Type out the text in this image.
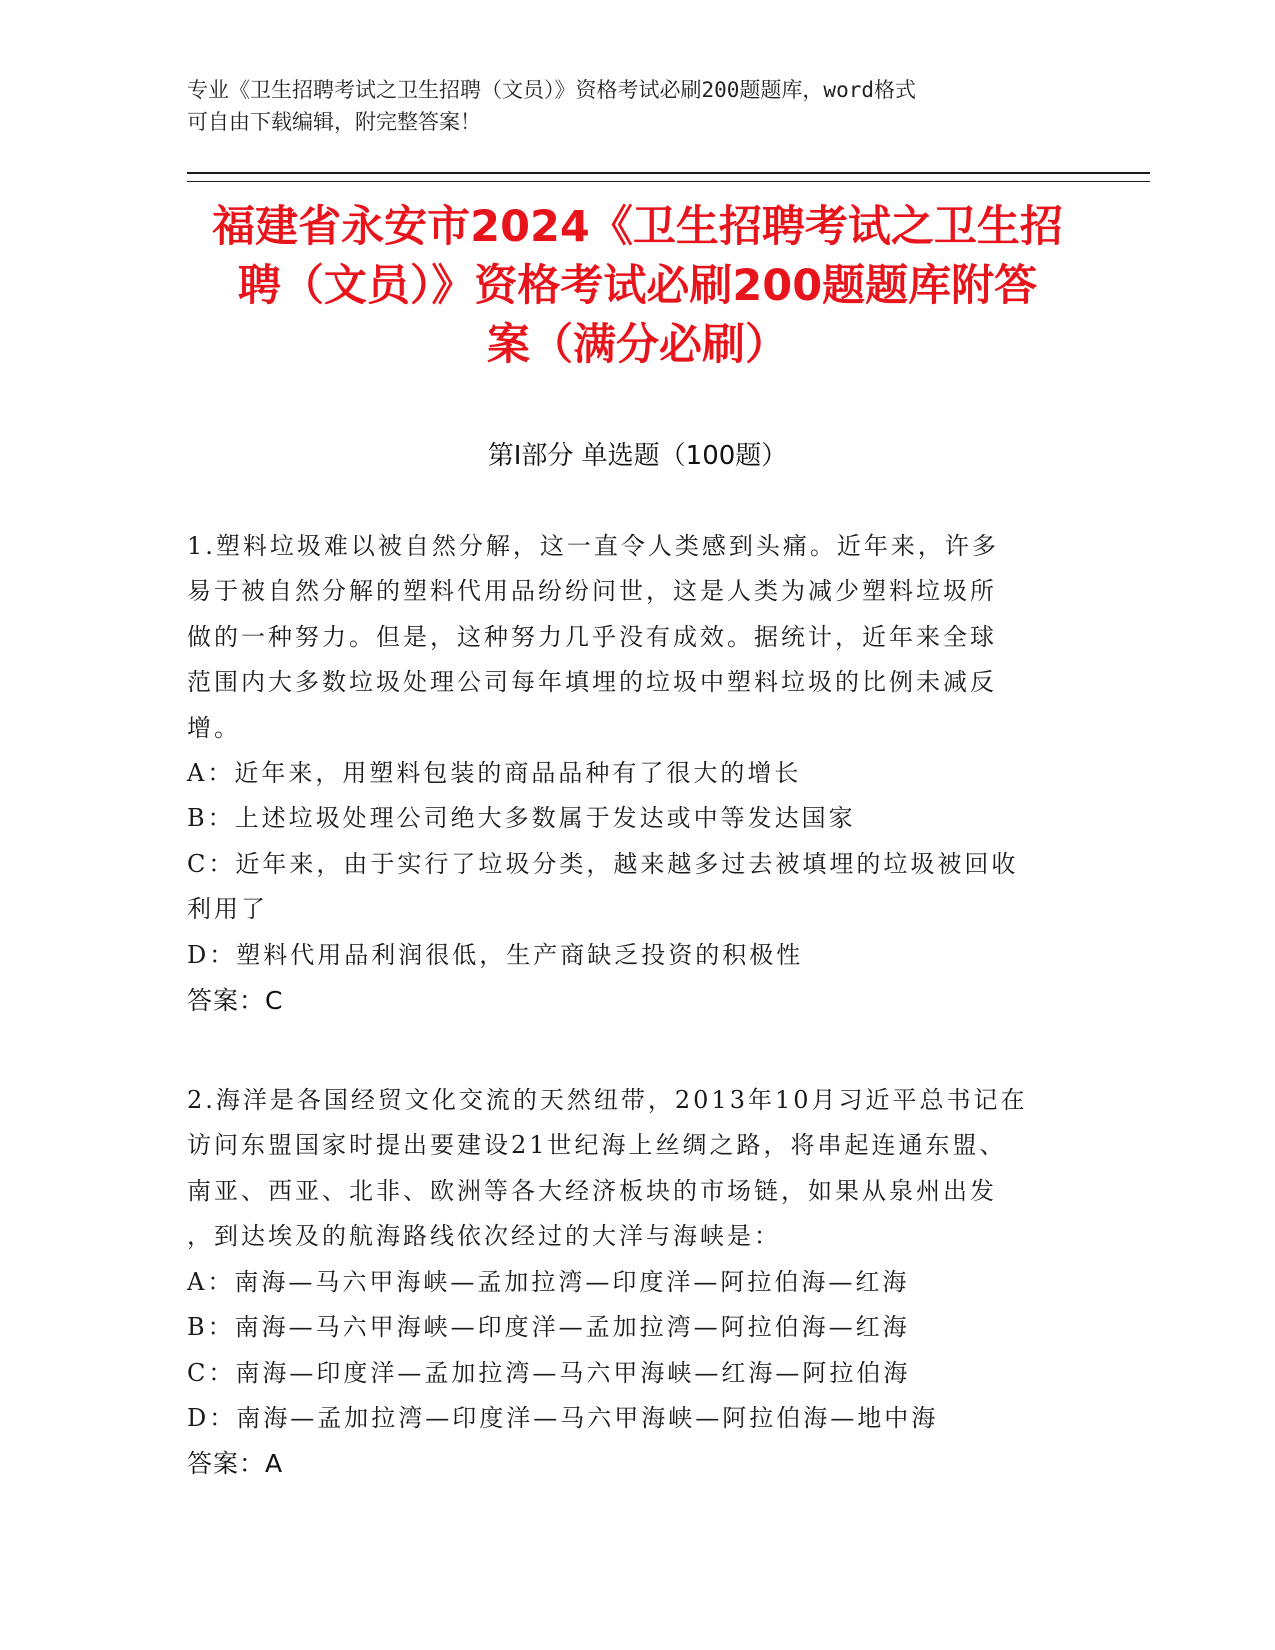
专业《卫生招聘考试之卫生招聘（文员）》资格考试必刷200题题库，word格式
可自由下载编辑，附完整答案！
福建省永安市2024《卫生招聘考试之卫生招
聘（文员）》资格考试必刷200题题库附答
案（满分必刷）
第Ⅰ部分 单选题（100题）
1.塑料垃圾难以被自然分解，这一直令人类感到头痛。近年来，许多
易于被自然分解的塑料代用品纷纷问世，这是人类为减少塑料垃圾所
做的一种努力。但是，这种努力几乎没有成效。据统计，近年来全球
范围内大多数垃圾处理公司每年填埋的垃圾中塑料垃圾的比例未减反
增。
A：近年来，用塑料包装的商品品种有了很大的增长
B：上述垃圾处理公司绝大多数属于发达或中等发达国家
C：近年来，由于实行了垃圾分类，越来越多过去被填埋的垃圾被回收
利用了
D：塑料代用品利润很低，生产商缺乏投资的积极性
答案：C
2.海洋是各国经贸文化交流的天然纽带，2013年10月习近平总书记在
访问东盟国家时提出要建设21世纪海上丝绸之路，将串起连通东盟、
南亚、西亚、北非、欧洲等各大经济板块的市场链，如果从泉州出发
，到达埃及的航海路线依次经过的大洋与海峡是：
A：南海—马六甲海峡—孟加拉湾—印度洋—阿拉伯海—红海
B：南海—马六甲海峡—印度洋—孟加拉湾—阿拉伯海—红海
C：南海—印度洋—孟加拉湾—马六甲海峡—红海—阿拉伯海
D：南海—孟加拉湾—印度洋—马六甲海峡—阿拉伯海—地中海
答案：A
